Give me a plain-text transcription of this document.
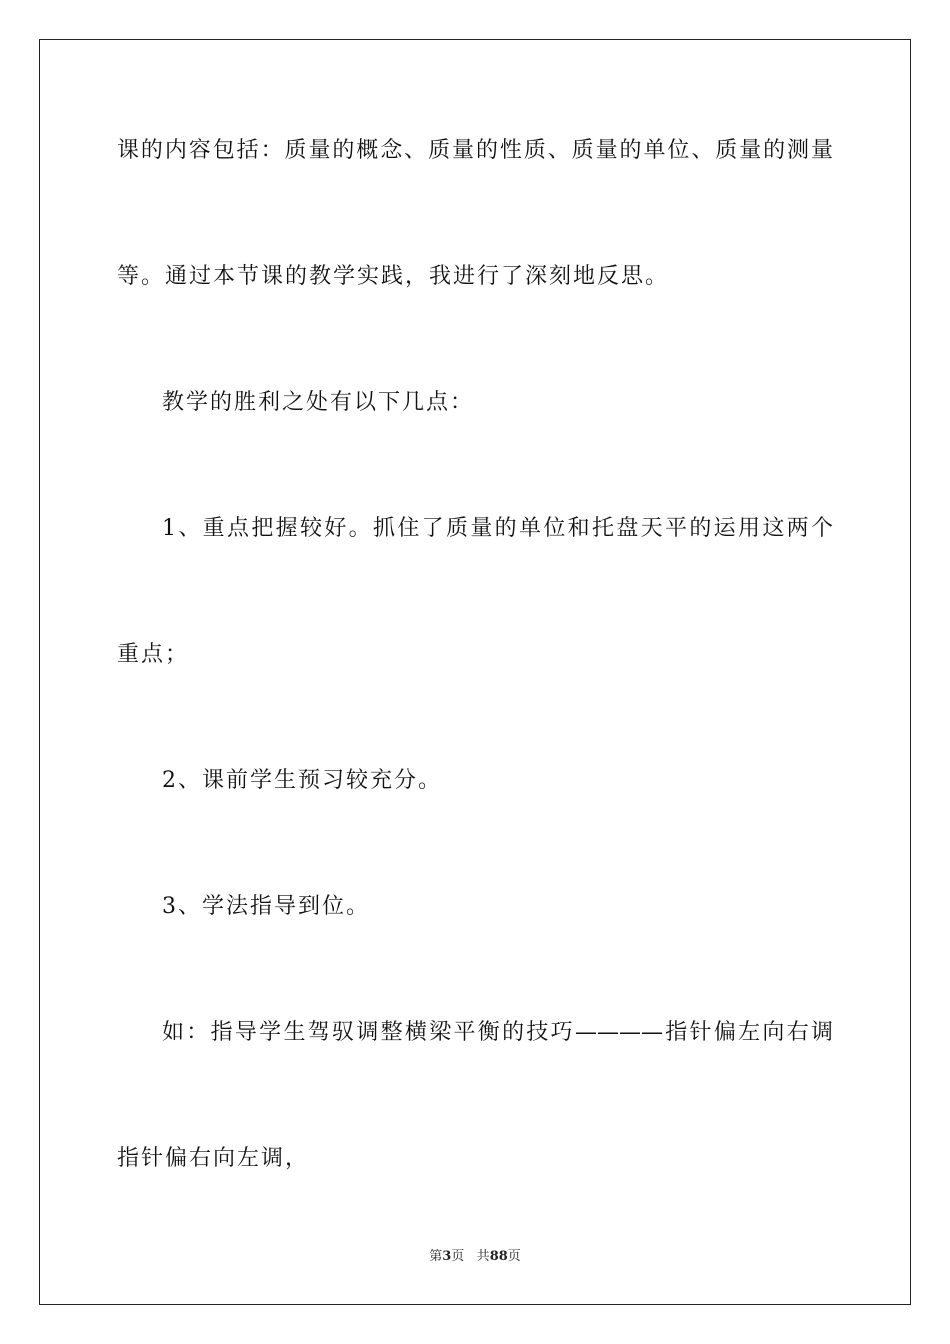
课的内容包括：质量的概念、质量的性质、质量的单位、质量的测量
等。通过本节课的教学实践，我进行了深刻地反思。
教学的胜利之处有以下几点：
1、重点把握较好。抓住了质量的单位和托盘天平的运用这两个
重点；
2、课前学生预习较充分。
3、学法指导到位。
如：指导学生驾驭调整横梁平衡的技巧————指针偏左向右调
指针偏右向左调，
第3页 共88页
